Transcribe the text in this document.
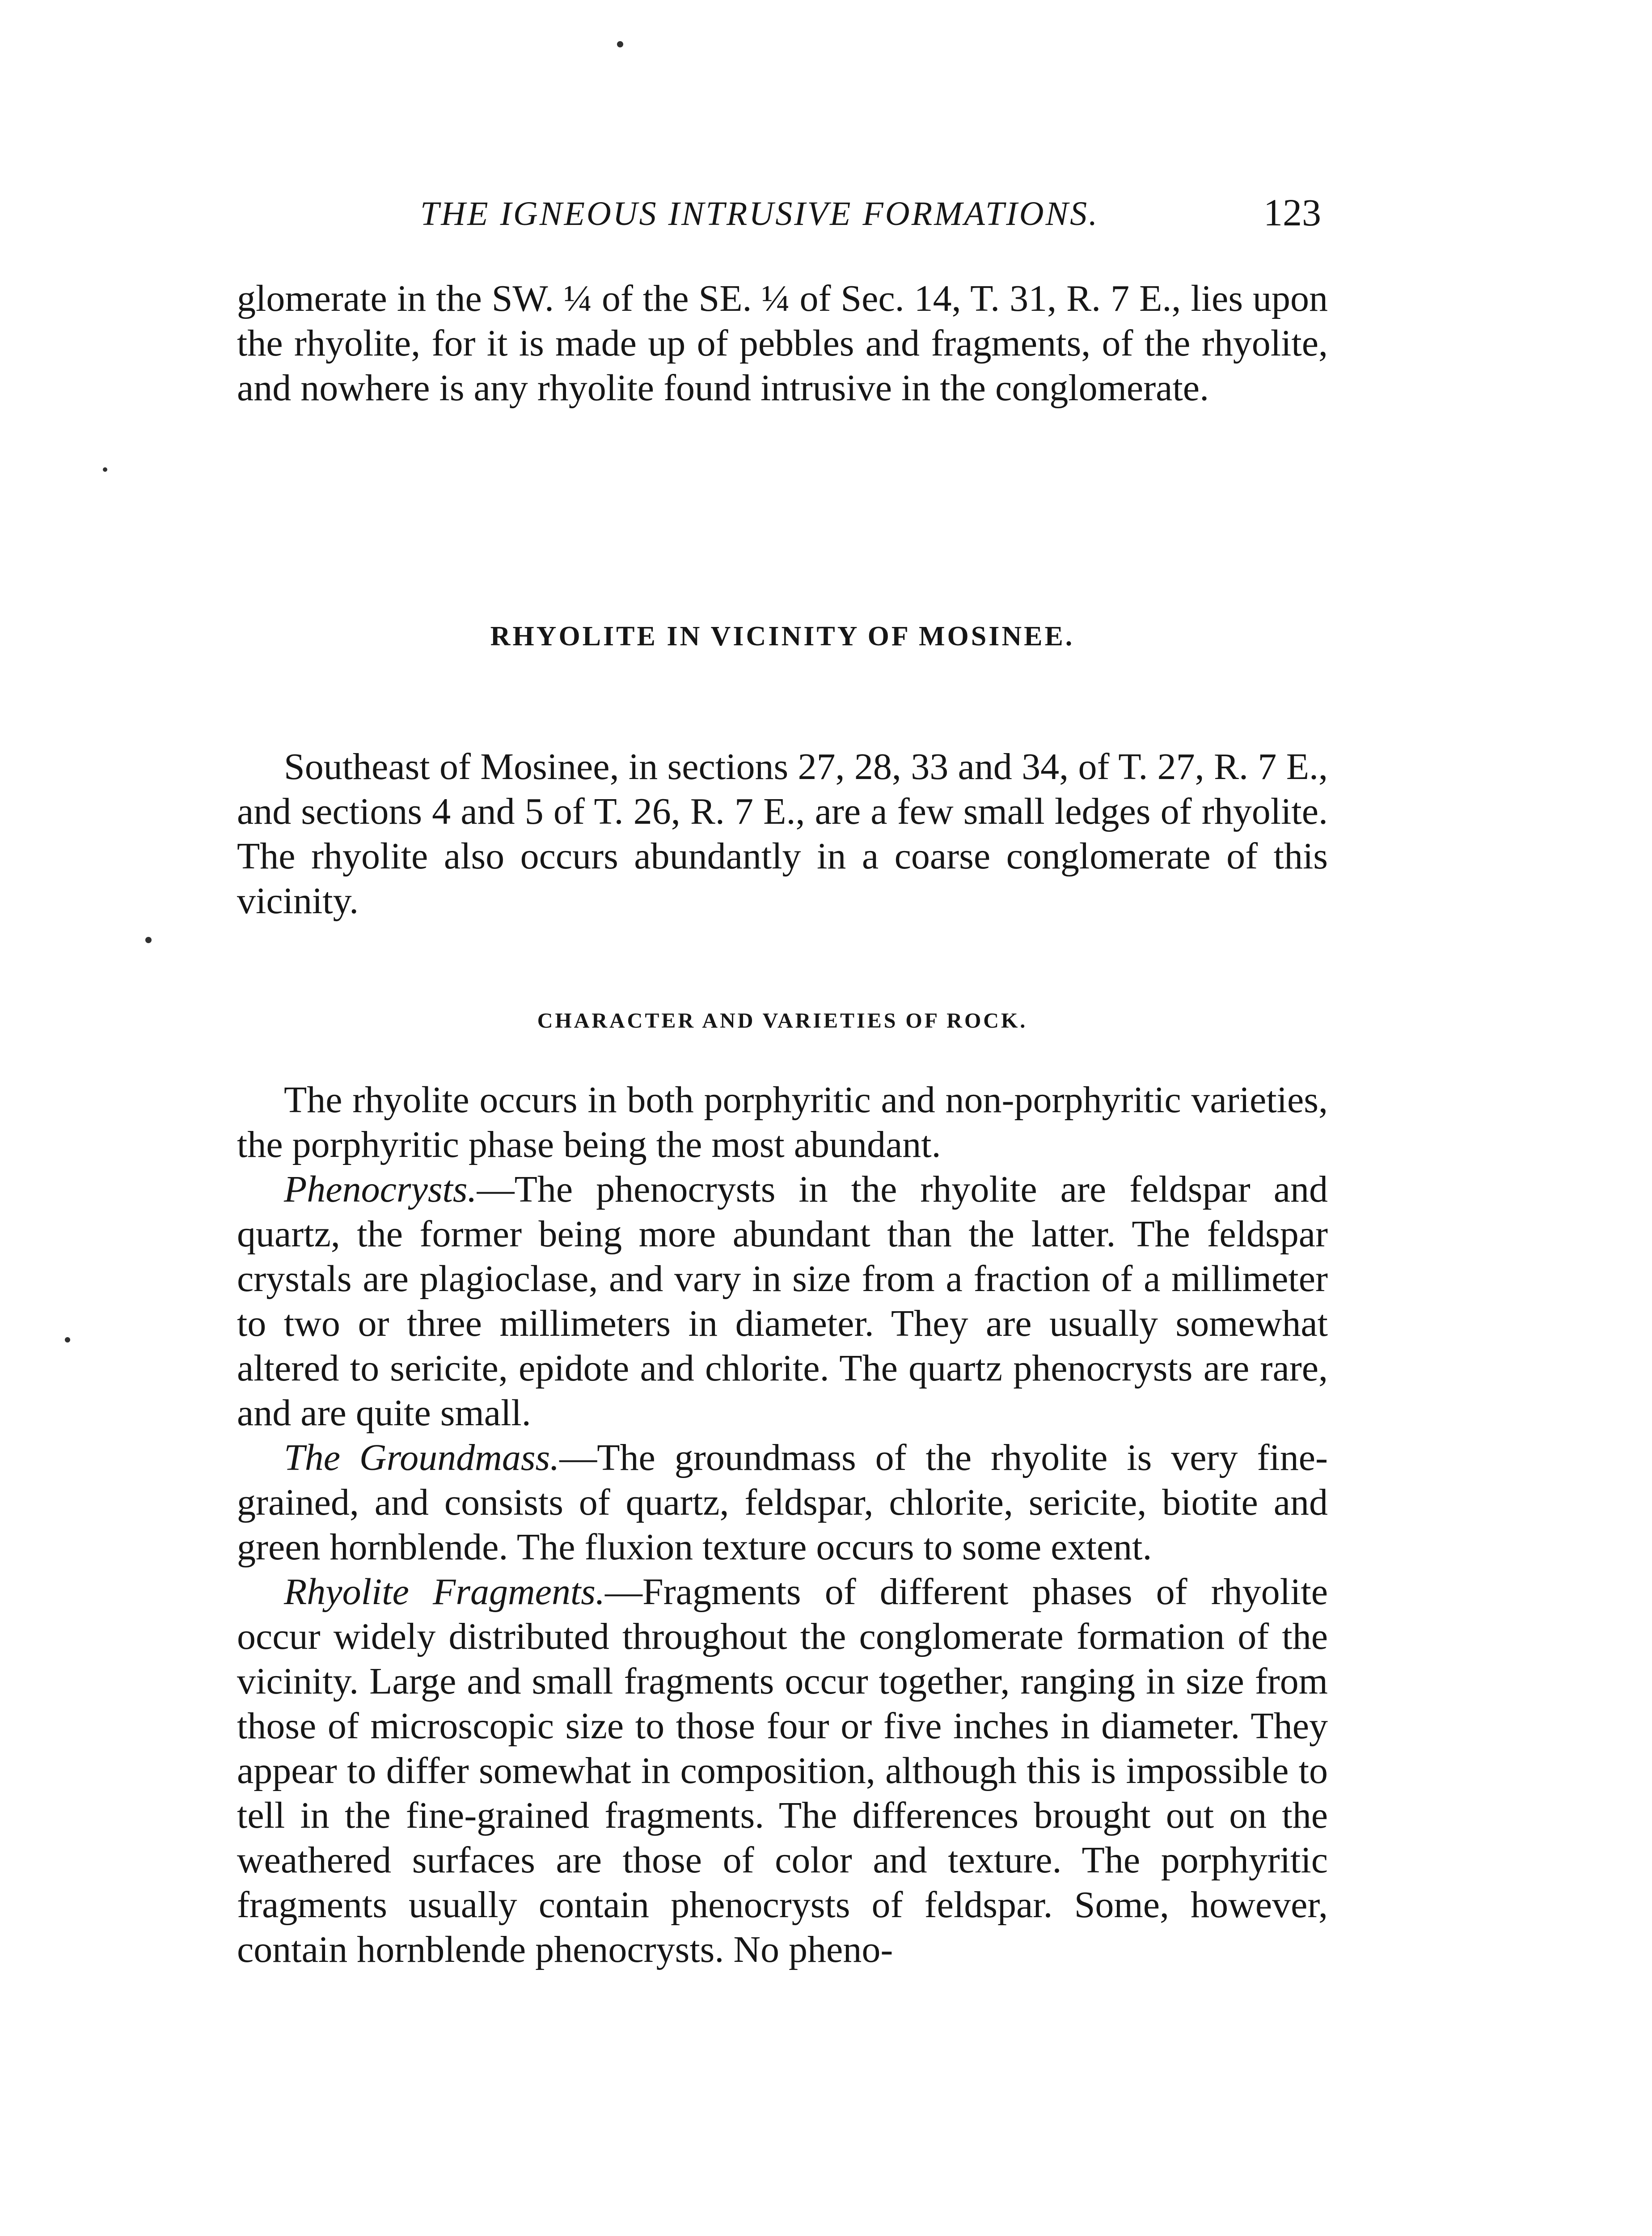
THE IGNEOUS INTRUSIVE FORMATIONS.	123

glomerate in the SW. ¼ of the SE. ¼ of Sec. 14, T. 31, R. 7 E., lies upon the rhyolite, for it is made up of pebbles and fragments, of the rhyolite, and nowhere is any rhyolite found intrusive in the conglomerate.

RHYOLITE IN VICINITY OF MOSINEE.

Southeast of Mosinee, in sections 27, 28, 33 and 34, of T. 27, R. 7 E., and sections 4 and 5 of T. 26, R. 7 E., are a few small ledges of rhyolite. The rhyolite also occurs abundantly in a coarse conglomerate of this vicinity.

CHARACTER AND VARIETIES OF ROCK.

The rhyolite occurs in both porphyritic and non-porphyritic varieties, the porphyritic phase being the most abundant.

Phenocrysts.—The phenocrysts in the rhyolite are feldspar and quartz, the former being more abundant than the latter. The feldspar crystals are plagioclase, and vary in size from a fraction of a millimeter to two or three millimeters in diameter. They are usually somewhat altered to sericite, epidote and chlorite. The quartz phenocrysts are rare, and are quite small.

The Groundmass.—The groundmass of the rhyolite is very fine-grained, and consists of quartz, feldspar, chlorite, sericite, biotite and green hornblende. The fluxion texture occurs to some extent.

Rhyolite Fragments.—Fragments of different phases of rhyolite occur widely distributed throughout the conglomerate formation of the vicinity. Large and small fragments occur together, ranging in size from those of microscopic size to those four or five inches in diameter. They appear to differ somewhat in composition, although this is impossible to tell in the fine-grained fragments. The differences brought out on the weathered surfaces are those of color and texture. The porphyritic fragments usually contain phenocrysts of feldspar. Some, however, contain hornblende phenocrysts. No pheno-
